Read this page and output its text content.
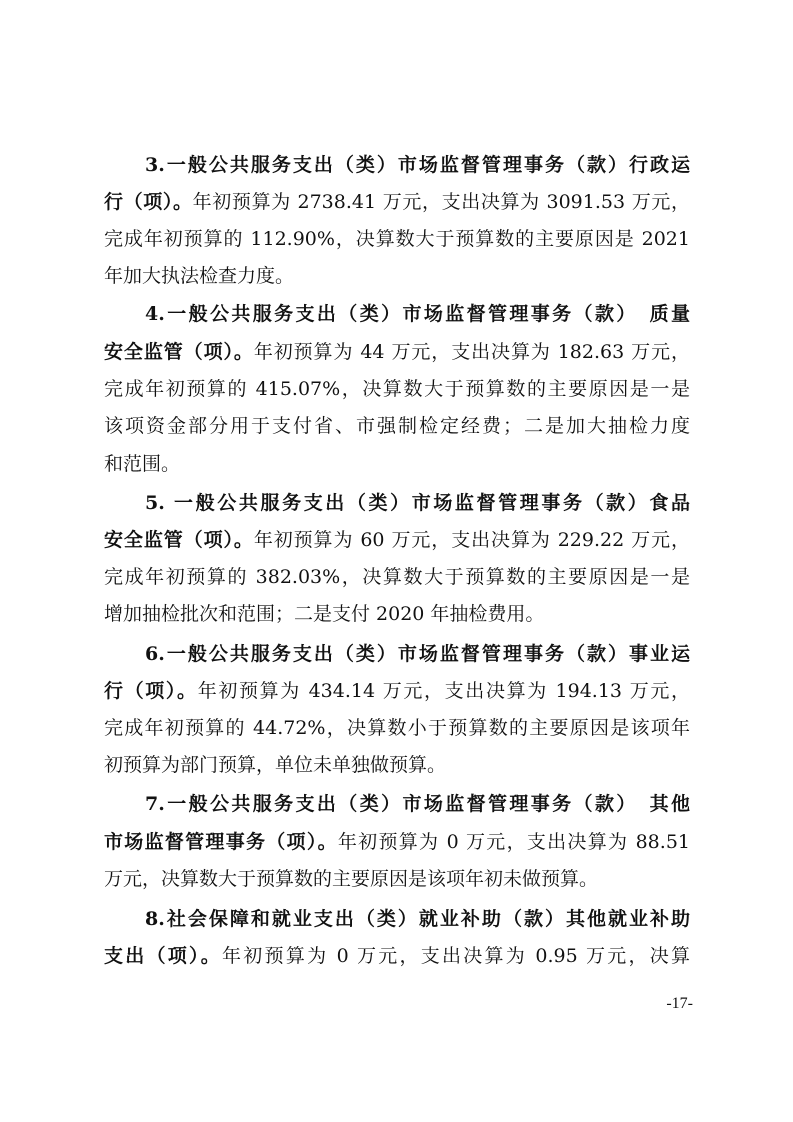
3.一般公共服务支出（类）市场监督管理事务（款）行政运
行（项）。年初预算为 2738.41 万元，支出决算为 3091.53 万元，
完成年初预算的 112.90%，决算数大于预算数的主要原因是 2021
年加大执法检查力度。
4.一般公共服务支出（类）市场监督管理事务（款）　质量
安全监管（项）。年初预算为 44 万元，支出决算为 182.63 万元，
完成年初预算的 415.07%，决算数大于预算数的主要原因是一是
该项资金部分用于支付省、市强制检定经费；二是加大抽检力度
和范围。
5. 一般公共服务支出（类）市场监督管理事务（款）食品
安全监管（项）。年初预算为 60 万元，支出决算为 229.22 万元，
完成年初预算的 382.03%，决算数大于预算数的主要原因是一是
增加抽检批次和范围；二是支付 2020 年抽检费用。
6.一般公共服务支出（类）市场监督管理事务（款）事业运
行（项）。年初预算为 434.14 万元，支出决算为 194.13 万元，
完成年初预算的 44.72%，决算数小于预算数的主要原因是该项年
初预算为部门预算，单位未单独做预算。
7.一般公共服务支出（类）市场监督管理事务（款）　其他
市场监督管理事务（项）。年初预算为 0 万元，支出决算为 88.51
万元，决算数大于预算数的主要原因是该项年初未做预算。
8.社会保障和就业支出（类）就业补助（款）其他就业补助
支出（项）。年初预算为 0 万元，支出决算为 0.95 万元，决算
-17-
